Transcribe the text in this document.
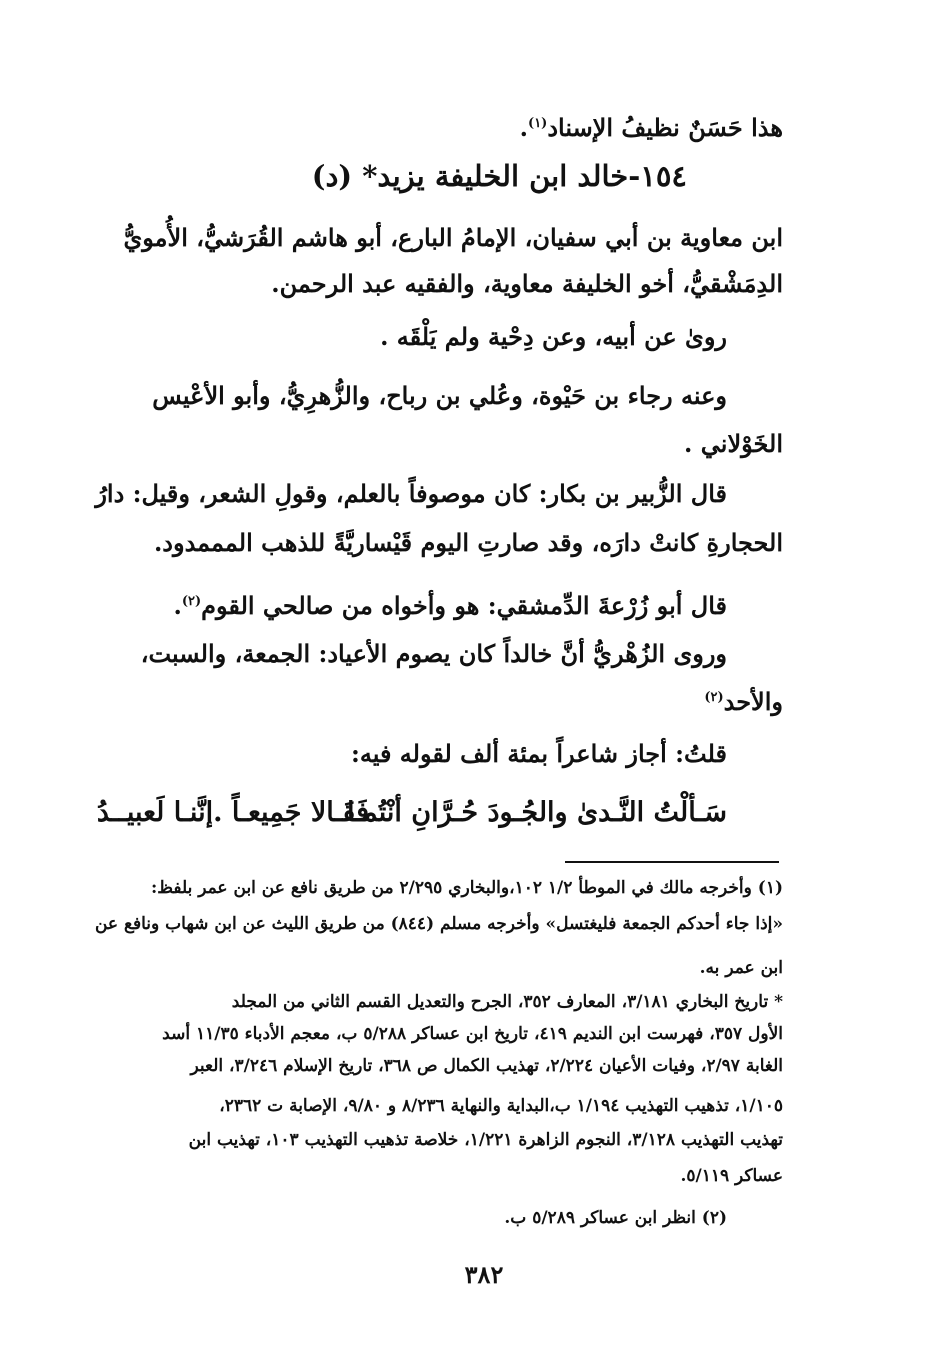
هذا حَسَنٌ نظيفُ الإسناد$^{(١)}$.
١٥٤-خالد ابن الخليفة يزيد* (د)
ابن معاوية بن أبي سفيان، الإمامُ البارع، أبو هاشم القُرَشيُّ، الأُمويُّ
الدِمَشْقيُّ، أخو الخليفة معاوية، والفقيه عبد الرحمن.
روىٰ عن أبيه، وعن دِحْية ولم يَلْقَه .
وعنه رجاء بن حَيْوة، وعُلي بن رباح، والزُّهرِيُّ، وأبو الأعْيس
الخَوْلاني .
قال الزُّبير بن بكار: كان موصوفاً بالعلم، وقولِ الشعر، وقيل: دارُ
الحجارةِ كانتْ دارَه، وقد صارتِ اليوم قَيْساريَّةً للذهب المممدود.
قال أبو زُرْعةَ الدِّمشقي: هو وأخواه من صالحي القوم$^{(٢)}$.
وروى الزُهْريُّ أنَّ خالداً كان يصوم الأعياد: الجمعة، والسبت،
والأحد$^{(٢)}$
قلتُ: أجاز شاعراً بمئة ألف لقوله فيه:
سَـألْتُ النَّـدىٰ والجُـودَ حُـرَّانِ أنْتُمـا
فَقَـالا جَمِيعـاً .إنَّنـا لَعبيــدُ
(١) وأخرجه مالك في الموطأ ١/٢ ١٠٢،والبخاري ٢/٢٩٥ من طريق نافع عن ابن عمر بلفظ:
«إذا جاء أحدكم الجمعة فليغتسل» وأخرجه مسلم (٨٤٤) من طريق الليث عن ابن شهاب ونافع عن
ابن عمر به.
* تاريخ البخاري ٣/١٨١، المعارف ٣٥٢، الجرح والتعديل القسم الثاني من المجلد
الأول ٣٥٧، فهرست ابن النديم ٤١٩، تاريخ ابن عساكر ٥/٢٨٨ ب، معجم الأدباء ١١/٣٥ أسد
الغابة ٢/٩٧، وفيات الأعيان ٢/٢٢٤، تهذيب الكمال ص ٣٦٨، تاريخ الإسلام ٣/٢٤٦، العبر
١/١٠٥، تذهيب التهذيب ١/١٩٤ ب،البداية والنهاية ٨/٢٣٦ و ٩/٨٠، الإصابة ت ٢٣٦٢،
تهذيب التهذيب ٣/١٢٨، النجوم الزاهرة ١/٢٢١، خلاصة تذهيب التهذيب ١٠٣، تهذيب ابن
عساكر ٥/١١٩.
(٢) انظر ابن عساكر ٥/٢٨٩ ب.
٣٨٢
